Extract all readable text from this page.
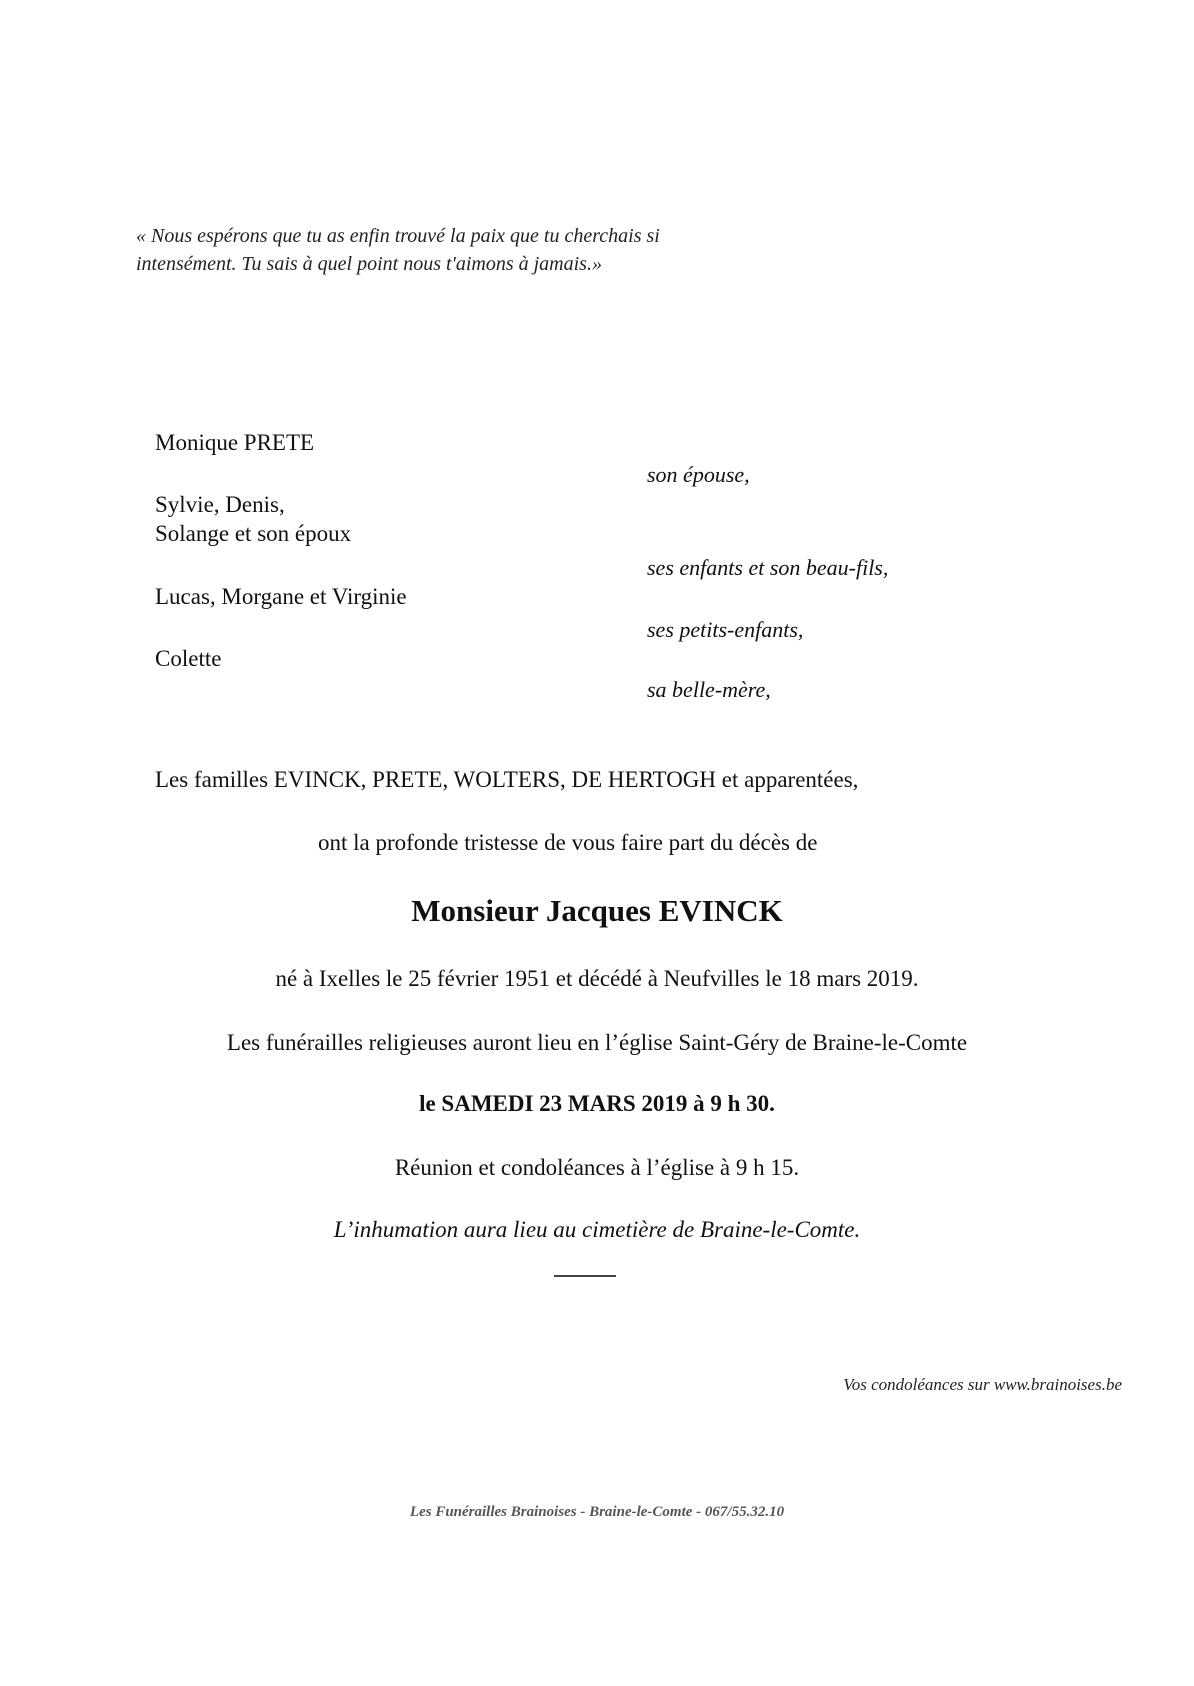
« Nous espérons que tu as enfin trouvé la paix que tu cherchais si
intensément. Tu sais à quel point nous t'aimons à jamais.»
Monique PRETE
Sylvie, Denis,
Solange et son époux
Lucas, Morgane et Virginie
Colette
son épouse,
ses enfants et son beau-fils,
ses petits-enfants,
sa belle-mère,
Les familles EVINCK, PRETE, WOLTERS, DE HERTOGH et apparentées,
ont la profonde tristesse de vous faire part du décès de
Monsieur Jacques EVINCK
né à Ixelles le 25 février 1951 et décédé à Neufvilles le 18 mars 2019.
Les funérailles religieuses auront lieu en l’église Saint-Géry de Braine-le-Comte
le SAMEDI 23 MARS 2019 à 9 h 30.
Réunion et condoléances à l’église à 9 h 15.
L’inhumation aura lieu au cimetière de Braine-le-Comte.
Vos condoléances sur www.brainoises.be
Les Funérailles Brainoises - Braine-le-Comte - 067/55.32.10
